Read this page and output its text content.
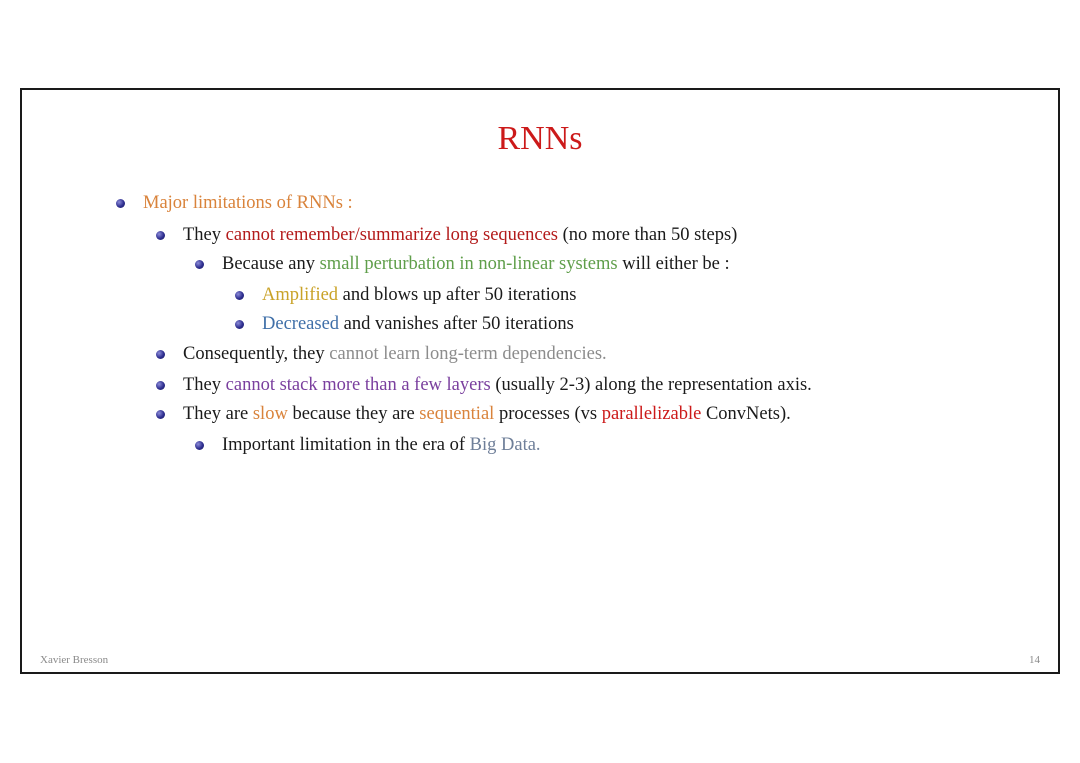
RNNs
Major limitations of RNNs :
They cannot remember/summarize long sequences (no more than 50 steps)
Because any small perturbation in non-linear systems will either be :
Amplified and blows up after 50 iterations
Decreased and vanishes after 50 iterations
Consequently, they cannot learn long-term dependencies.
They cannot stack more than a few layers (usually 2-3) along the representation axis.
They are slow because they are sequential processes (vs parallelizable ConvNets).
Important limitation in the era of Big Data.
Xavier Bresson	14
